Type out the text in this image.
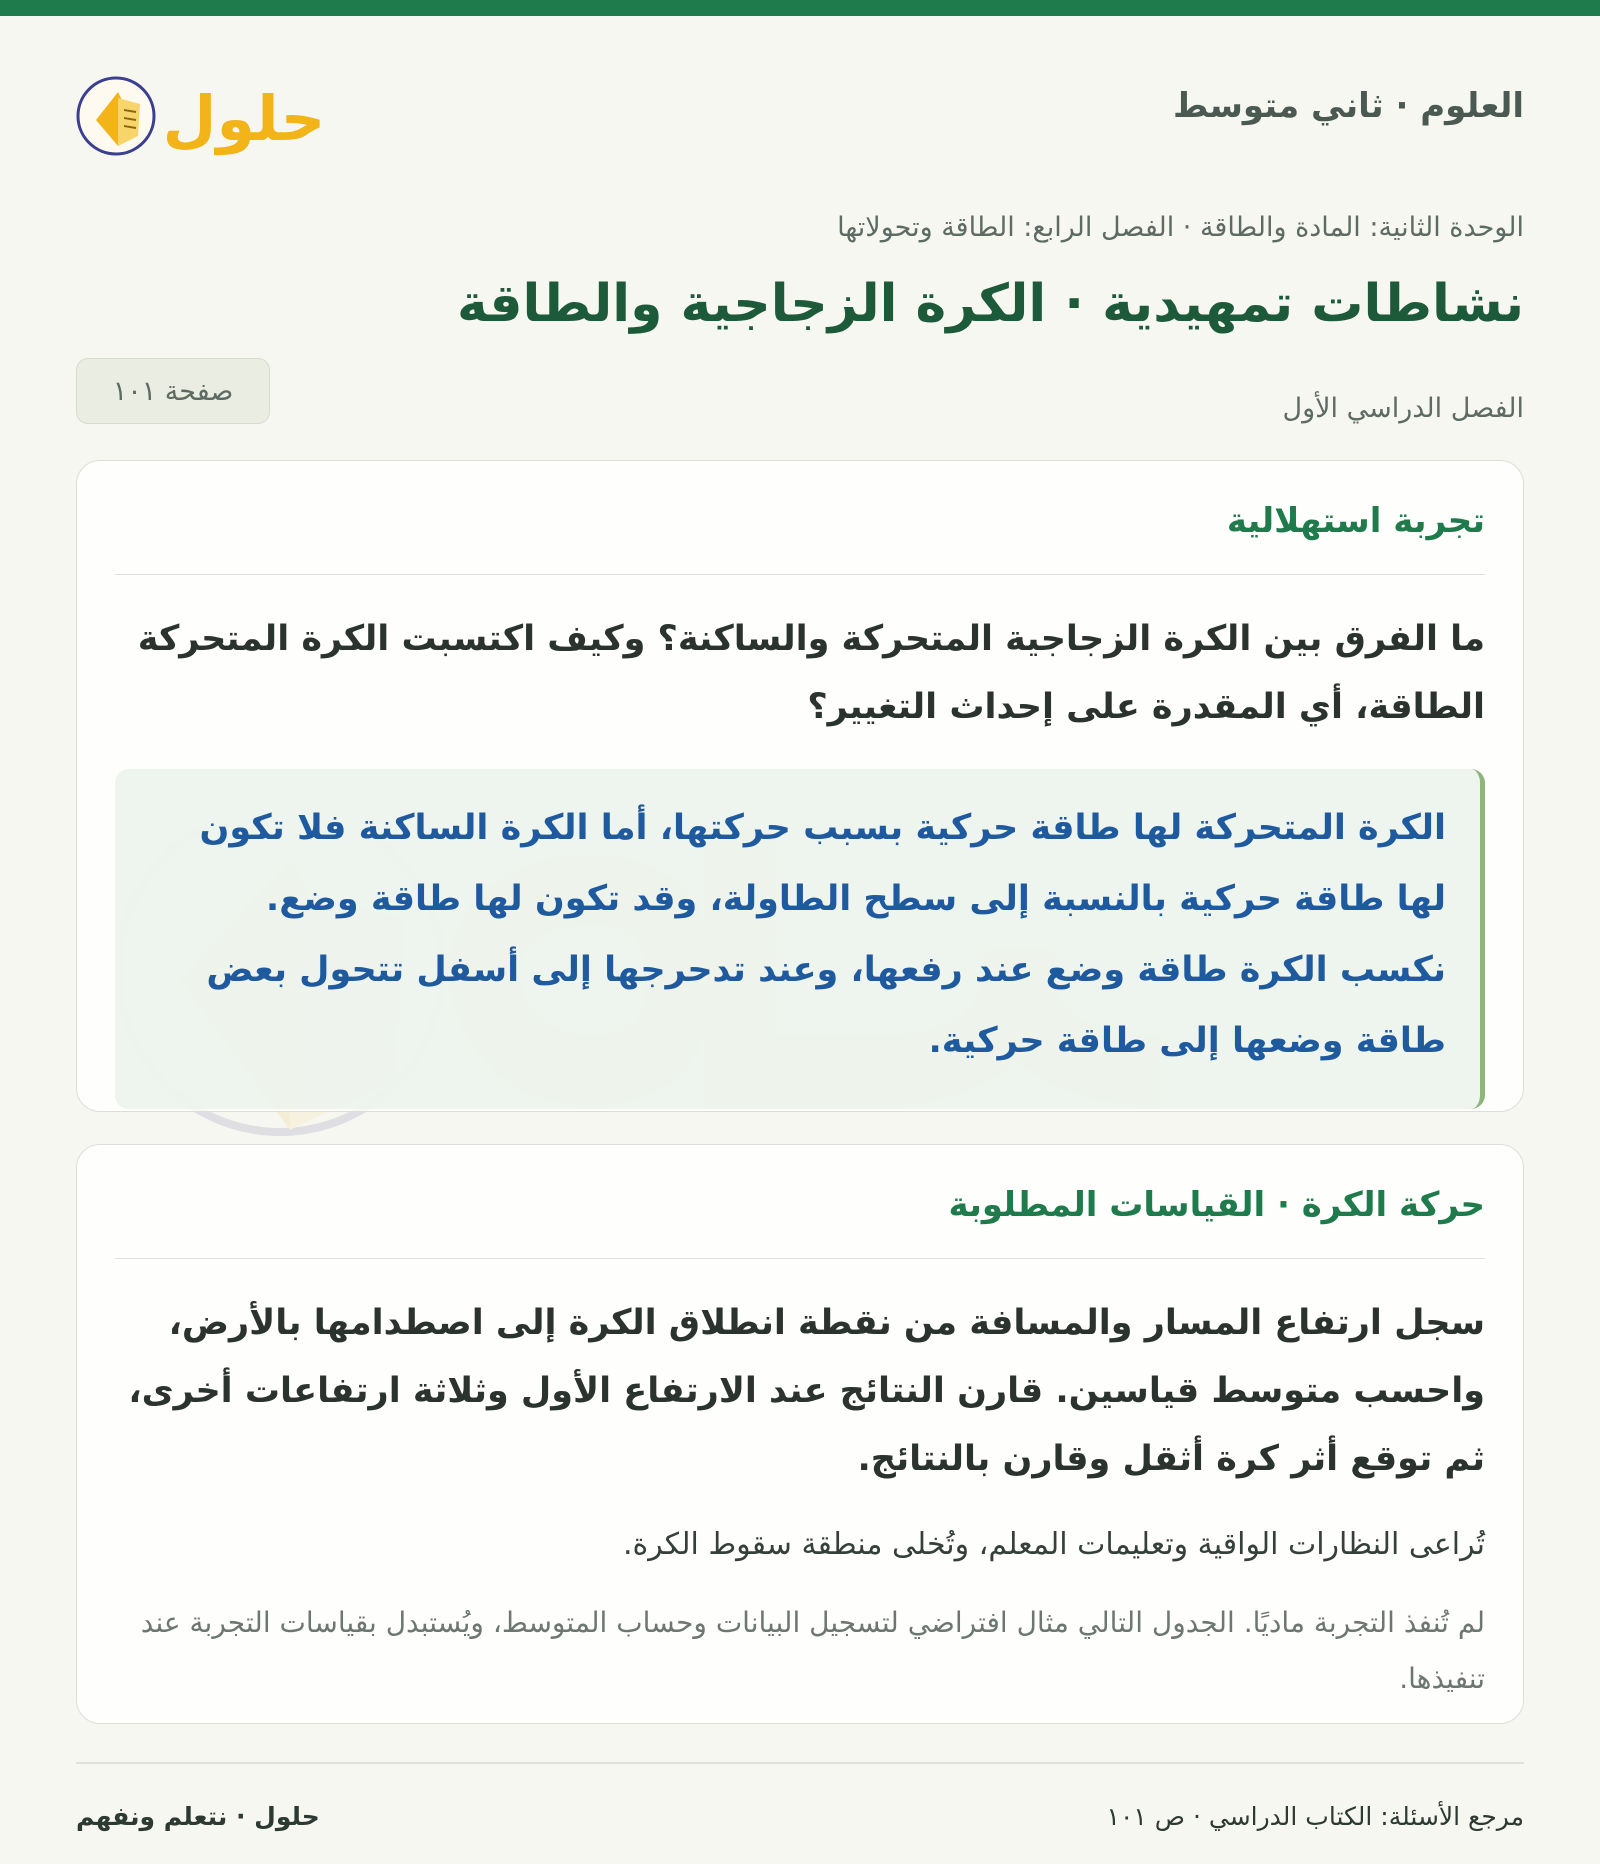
العلوم · ثاني متوسط
حلول
الوحدة الثانية: المادة والطاقة · الفصل الرابع: الطاقة وتحولاتها
نشاطات تمهيدية · الكرة الزجاجية والطاقة
الفصل الدراسي الأول
صفحة ١٠١
تجربة استهلالية

ما الفرق بين الكرة الزجاجية المتحركة والساكنة؟ وكيف اكتسبت الكرة المتحركة الطاقة، أي المقدرة على إحداث التغيير؟

الكرة المتحركة لها طاقة حركية بسبب حركتها، أما الكرة الساكنة فلا تكون لها طاقة حركية بالنسبة إلى سطح الطاولة، وقد تكون لها طاقة وضع. نكسب الكرة طاقة وضع عند رفعها، وعند تدحرجها إلى أسفل تتحول بعض طاقة وضعها إلى طاقة حركية.
حركة الكرة · القياسات المطلوبة

سجل ارتفاع المسار والمسافة من نقطة انطلاق الكرة إلى اصطدامها بالأرض، واحسب متوسط قياسين. قارن النتائج عند الارتفاع الأول وثلاثة ارتفاعات أخرى، ثم توقع أثر كرة أثقل وقارن بالنتائج.

تُراعى النظارات الواقية وتعليمات المعلم، وتُخلى منطقة سقوط الكرة.

لم تُنفذ التجربة ماديًا. الجدول التالي مثال افتراضي لتسجيل البيانات وحساب المتوسط، ويُستبدل بقياسات التجربة عند تنفيذها.

مرجع الأسئلة: الكتاب الدراسي · ص ١٠١
حلول · نتعلم ونفهم
